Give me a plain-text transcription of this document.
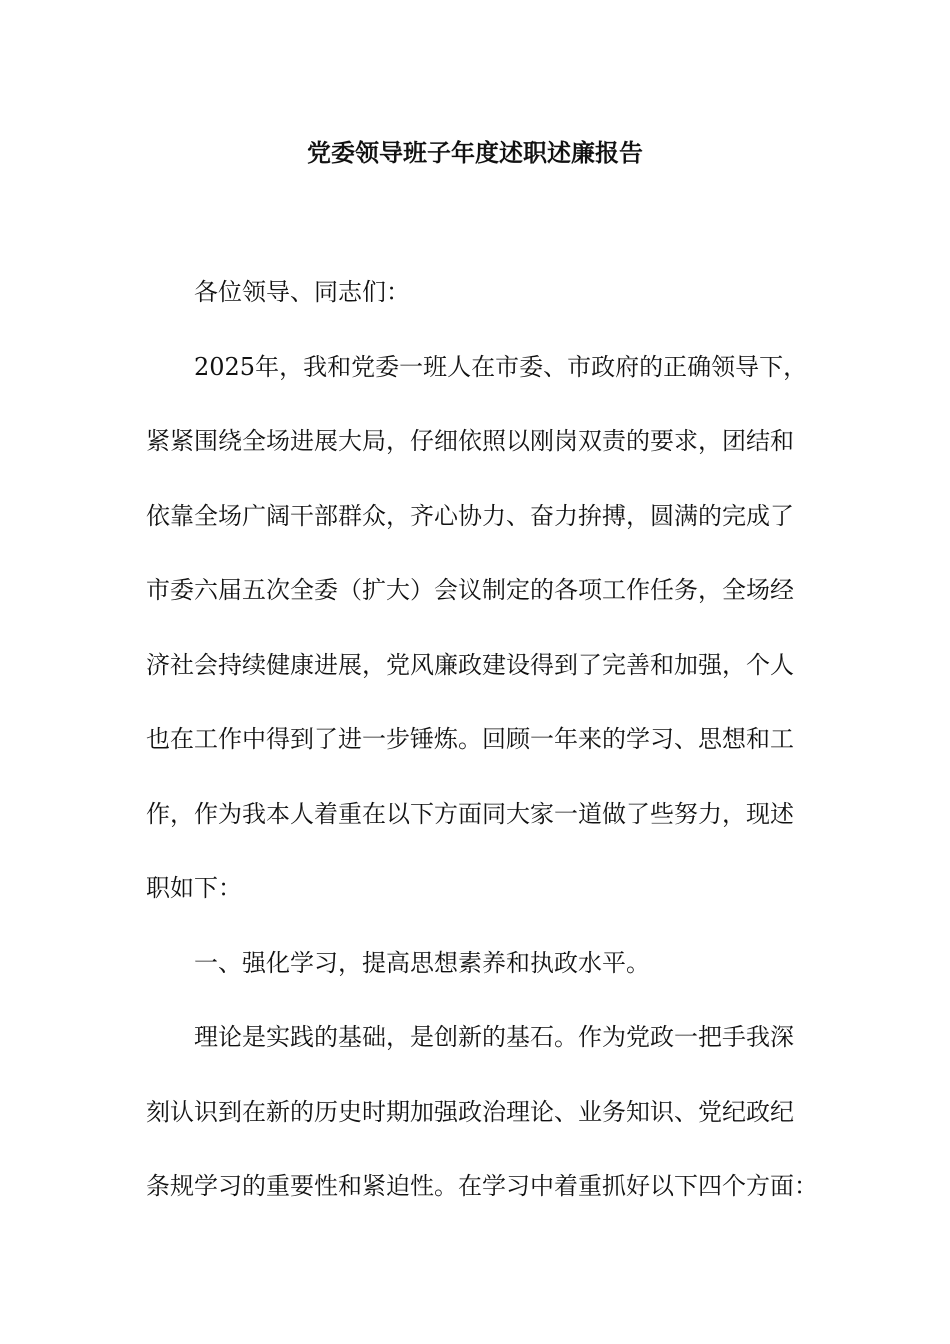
党委领导班子年度述职述廉报告
各位领导、同志们：
2025年，我和党委一班人在市委、市政府的正确领导下，
紧紧围绕全场进展大局，仔细依照以刚岗双责的要求，团结和
依靠全场广阔干部群众，齐心协力、奋力拚搏，圆满的完成了
市委六届五次全委（扩大）会议制定的各项工作任务，全场经
济社会持续健康进展，党风廉政建设得到了完善和加强，个人
也在工作中得到了进一步锤炼。回顾一年来的学习、思想和工
作，作为我本人着重在以下方面同大家一道做了些努力，现述
职如下：
一、强化学习，提高思想素养和执政水平。
理论是实践的基础，是创新的基石。作为党政一把手我深
刻认识到在新的历史时期加强政治理论、业务知识、党纪政纪
条规学习的重要性和紧迫性。在学习中着重抓好以下四个方面：
